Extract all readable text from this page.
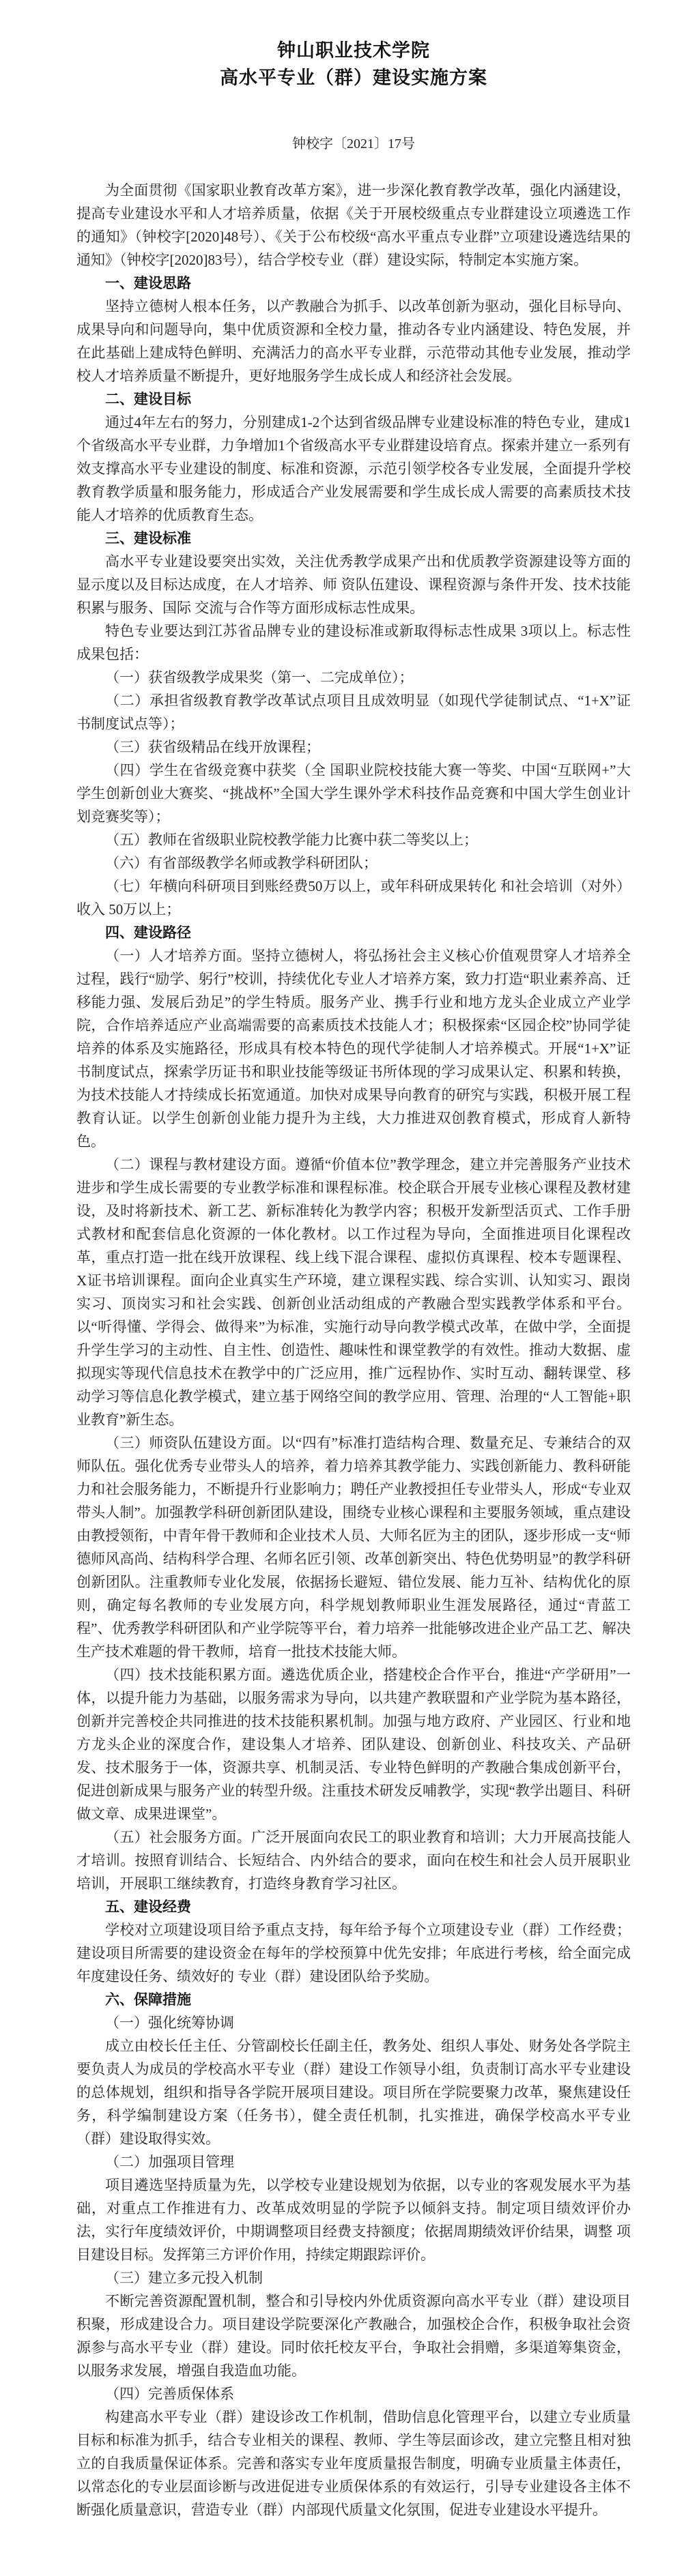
钟山职业技术学院
高水平专业（群）建设实施方案
钟校字〔2021〕17号

为全面贯彻《国家职业教育改革方案》，进一步深化教育教学改革，强化内涵建设，提高专业建设水平和人才培养质量，依据《关于开展校级重点专业群建设立项遴选工作的通知》（钟校字[2020]48号）、《关于公布校级“高水平重点专业群”立项建设遴选结果的通知》（钟校字[2020]83号），结合学校专业（群）建设实际，特制定本实施方案。

一、建设思路

坚持立德树人根本任务，以产教融合为抓手、以改革创新为驱动，强化目标导向、成果导向和问题导向，集中优质资源和全校力量，推动各专业内涵建设、特色发展，并在此基础上建成特色鲜明、充满活力的高水平专业群，示范带动其他专业发展，推动学校人才培养质量不断提升，更好地服务学生成长成人和经济社会发展。

二、建设目标

通过4年左右的努力，分别建成1-2个达到省级品牌专业建设标准的特色专业，建成1个省级高水平专业群，力争增加1个省级高水平专业群建设培育点。探索并建立一系列有效支撑高水平专业建设的制度、标准和资源，示范引领学校各专业发展，全面提升学校教育教学质量和服务能力，形成适合产业发展需要和学生成长成人需要的高素质技术技能人才培养的优质教育生态。

三、建设标准

高水平专业建设要突出实效，关注优秀教学成果产出和优质教学资源建设等方面的显示度以及目标达成度，在人才培养、师 资队伍建设、课程资源与条件开发、技术技能积累与服务、国际 交流与合作等方面形成标志性成果。

特色专业要达到江苏省品牌专业的建设标准或新取得标志性成果 3项以上。标志性成果包括：

（一）获省级教学成果奖（第一、二完成单位）；

（二）承担省级教育教学改革试点项目且成效明显（如现代学徒制试点、“1+X”证书制度试点等）；

（三）获省级精品在线开放课程；

（四）学生在省级竞赛中获奖（全 国职业院校技能大赛一等奖、中国“互联网+”大学生创新创业大赛奖、“挑战杯”全国大学生课外学术科技作品竞赛和中国大学生创业计划竞赛奖等）；

（五）教师在省级职业院校教学能力比赛中获二等奖以上；

（六）有省部级教学名师或教学科研团队；

（七）年横向科研项目到账经费50万以上，或年科研成果转化 和社会培训（对外）收入 50万以上；

四、建设路径

（一）人才培养方面。坚持立德树人，将弘扬社会主义核心价值观贯穿人才培养全过程，践行“励学、躬行”校训，持续优化专业人才培养方案，致力打造“职业素养高、迁移能力强、发展后劲足”的学生特质。服务产业、携手行业和地方龙头企业成立产业学院，合作培养适应产业高端需要的高素质技术技能人才；积极探索“区园企校”协同学徒培养的体系及实施路径，形成具有校本特色的现代学徒制人才培养模式。开展“1+X”证书制度试点，探索学历证书和职业技能等级证书所体现的学习成果认定、积累和转换，为技术技能人才持续成长拓宽通道。加快对成果导向教育的研究与实践，积极开展工程教育认证。以学生创新创业能力提升为主线，大力推进双创教育模式，形成育人新特色。

（二）课程与教材建设方面。遵循“价值本位”教学理念，建立并完善服务产业技术进步和学生成长需要的专业教学标准和课程标准。校企联合开展专业核心课程及教材建设，及时将新技术、新工艺、新标准转化为教学内容；积极开发新型活页式、工作手册式教材和配套信息化资源的一体化教材。以工作过程为导向，全面推进项目化课程改革，重点打造一批在线开放课程、线上线下混合课程、虚拟仿真课程、校本专题课程、X证书培训课程。面向企业真实生产环境，建立课程实践、综合实训、认知实习、跟岗实习、顶岗实习和社会实践、创新创业活动组成的产教融合型实践教学体系和平台。以“听得懂、学得会、做得来”为标准，实施行动导向教学模式改革，在做中学，全面提升学生学习的主动性、自主性、创造性、趣味性和课堂教学的有效性。推动大数据、虚拟现实等现代信息技术在教学中的广泛应用，推广远程协作、实时互动、翻转课堂、移动学习等信息化教学模式，建立基于网络空间的教学应用、管理、治理的“人工智能+职业教育”新生态。

（三）师资队伍建设方面。以“四有”标准打造结构合理、数量充足、专兼结合的双师队伍。强化优秀专业带头人的培养，着力培养其教学能力、实践创新能力、教科研能力和社会服务能力，不断提升行业影响力；聘任产业教授担任专业带头人，形成“专业双带头人制”。加强教学科研创新团队建设，围绕专业核心课程和主要服务领域，重点建设由教授领衔，中青年骨干教师和企业技术人员、大师名匠为主的团队，逐步形成一支“师德师风高尚、结构科学合理、名师名匠引领、改革创新突出、特色优势明显”的教学科研创新团队。注重教师专业化发展，依据扬长避短、错位发展、能力互补、结构优化的原则，确定每名教师的专业发展方向，科学规划教师职业生涯发展路径，通过“青蓝工程”、优秀教学科研团队和产业学院等平台，着力培养一批能够改进企业产品工艺、解决生产技术难题的骨干教师，培育一批技术技能大师。

（四）技术技能积累方面。遴选优质企业，搭建校企合作平台，推进“产学研用”一体，以提升能力为基础，以服务需求为导向，以共建产教联盟和产业学院为基本路径，创新并完善校企共同推进的技术技能积累机制。加强与地方政府、产业园区、行业和地方龙头企业的深度合作，建设集人才培养、团队建设、创新创业、科技攻关、产品研发、技术服务于一体，资源共享、机制灵活、专业特色鲜明的产教融合集成创新平台，促进创新成果与服务产业的转型升级。注重技术研发反哺教学，实现“教学出题目、科研做文章、成果进课堂”。

（五）社会服务方面。广泛开展面向农民工的职业教育和培训；大力开展高技能人才培训。按照育训结合、长短结合、内外结合的要求，面向在校生和社会人员开展职业培训，开展职工继续教育，打造终身教育学习社区。

五、建设经费

学校对立项建设项目给予重点支持，每年给予每个立项建设专业（群）工作经费；建设项目所需要的建设资金在每年的学校预算中优先安排；年底进行考核，给全面完成年度建设任务、绩效好的 专业（群）建设团队给予奖励。

六、保障措施

（一）强化统筹协调

成立由校长任主任、分管副校长任副主任，教务处、组织人事处、财务处各学院主要负责人为成员的学校高水平专业（群）建设工作领导小组，负责制订高水平专业建设的总体规划，组织和指导各学院开展项目建设。项目所在学院要聚力改革，聚焦建设任务，科学编制建设方案（任务书），健全责任机制，扎实推进，确保学校高水平专业（群）建设取得实效。

（二）加强项目管理

项目遴选坚持质量为先，以学校专业建设规划为依据，以专业的客观发展水平为基础，对重点工作推进有力、改革成效明显的学院予以倾斜支持。制定项目绩效评价办法，实行年度绩效评价，中期调整项目经费支持额度；依据周期绩效评价结果，调整 项目建设目标。发挥第三方评价作用，持续定期跟踪评价。

（三）建立多元投入机制

不断完善资源配置机制，整合和引导校内外优质资源向高水平专业（群）建设项目积聚，形成建设合力。项目建设学院要深化产教融合，加强校企合作，积极争取社会资源参与高水平专业（群）建设。同时依托校友平台，争取社会捐赠，多渠道筹集资金， 以服务求发展，增强自我造血功能。

（四）完善质保体系

构建高水平专业（群）建设诊改工作机制，借助信息化管理平台，以建立专业质量目标和标准为抓手，结合专业相关的课程、教师、学生等层面诊改，建立完整且相对独立的自我质量保证体系。完善和落实专业年度质量报告制度，明确专业质量主体责任，以常态化的专业层面诊断与改进促进专业质保体系的有效运行，引导专业建设各主体不断强化质量意识，营造专业（群）内部现代质量文化氛围，促进专业建设水平提升。
